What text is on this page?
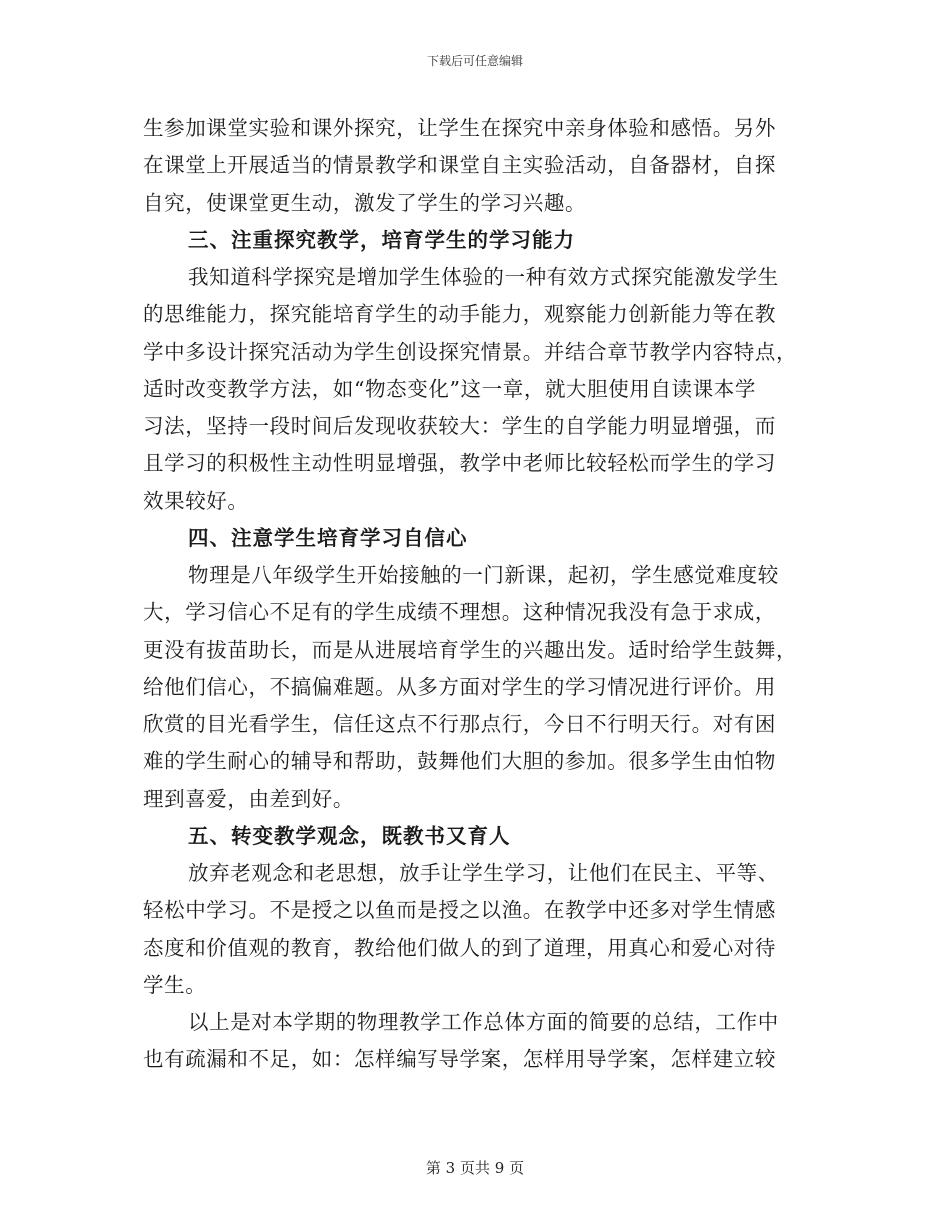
下载后可任意编辑
生参加课堂实验和课外探究，让学生在探究中亲身体验和感悟。另外
在课堂上开展适当的情景教学和课堂自主实验活动，自备器材，自探
自究，使课堂更生动，激发了学生的学习兴趣。
三、注重探究教学，培育学生的学习能力
我知道科学探究是增加学生体验的一种有效方式探究能激发学生
的思维能力，探究能培育学生的动手能力，观察能力创新能力等在教
学中多设计探究活动为学生创设探究情景。并结合章节教学内容特点，
适时改变教学方法，如“物态变化”这一章，就大胆使用自读课本学
习法，坚持一段时间后发现收获较大：学生的自学能力明显增强，而
且学习的积极性主动性明显增强，教学中老师比较轻松而学生的学习
效果较好。
四、注意学生培育学习自信心
物理是八年级学生开始接触的一门新课，起初，学生感觉难度较
大，学习信心不足有的学生成绩不理想。这种情况我没有急于求成，
更没有拔苗助长，而是从进展培育学生的兴趣出发。适时给学生鼓舞，
给他们信心，不搞偏难题。从多方面对学生的学习情况进行评价。用
欣赏的目光看学生，信任这点不行那点行，今日不行明天行。对有困
难的学生耐心的辅导和帮助，鼓舞他们大胆的参加。很多学生由怕物
理到喜爱，由差到好。
五、转变教学观念，既教书又育人
放弃老观念和老思想，放手让学生学习，让他们在民主、平等、
轻松中学习。不是授之以鱼而是授之以渔。在教学中还多对学生情感
态度和价值观的教育，教给他们做人的到了道理，用真心和爱心对待
学生。
以上是对本学期的物理教学工作总体方面的简要的总结，工作中
也有疏漏和不足，如：怎样编写导学案，怎样用导学案，怎样建立较
第 3 页共 9 页
